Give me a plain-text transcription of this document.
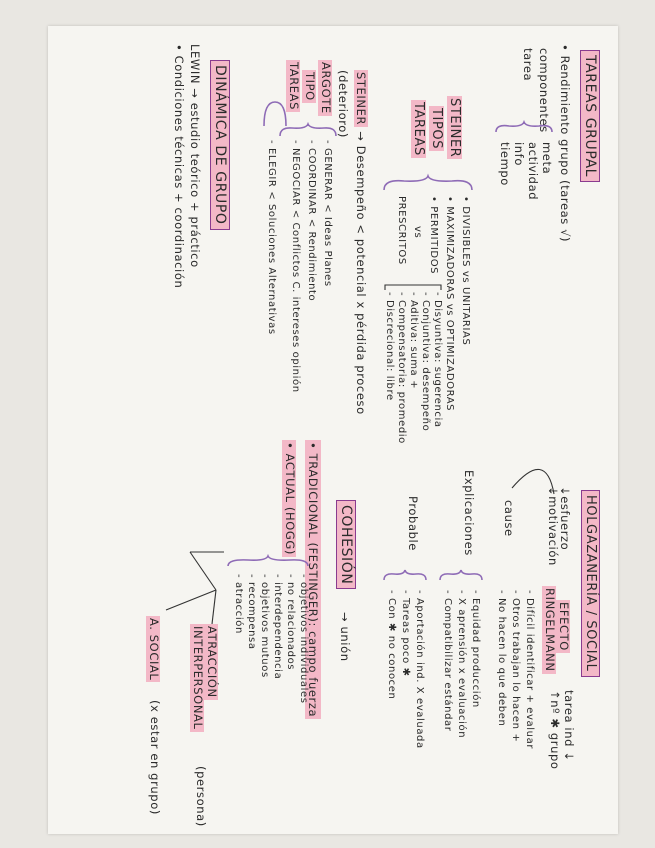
TAREAS GRUPAL
• Rendimiento grupo (tareas √)
componentes tarea
meta
actividad
info
tiempo
STEINER
TIPOS
TAREAS
• DIVISIBLES vs UNITARIAS
• MAXIMIZADORAS vs OPTIMIZADORAS
• PERMITIDOS
vs
PRESCRITOS
- Disyuntiva: sugerencia
- Conjuntiva: desempeño
- Aditiva: suma +
- Compensatoria: promedio
- Discrecional: libre
STEINER → Desempeño < potencial x pérdida proceso
(deterioro)
ARGOTE
TIPO
TAREAS
- GENERAR < Ideas Planes
- COORDINAR < Rendimiento
- NEGOCIAR < Conflictos C. intereses opinión
- ELEGIR < Soluciones Alternativas
DINÁMICA DE GRUPO
LEWIN → estudio teórico + práctico
• Condiciones técnicas + coordinación
HOLGAZANERÍA / SOCIAL
↓esfuerzo
↓motivación
EFECTO
RINGELMANN
tarea ind ↓
↑nº ✱ grupo
cause
- Difícil identificar + evaluar
- Otros trabajan lo hacen +
- No hacen lo que deben
Explicaciones
- Equidad producción
- X aprensión x evaluación
- Compatibilizar estándar
Probable
- Aportación ind. X evaluada
- Tareas poco ✱
- Con ✱ no conocen
COHESIÓN
→ unión
• TRADICIONAL (FESTINGER): campo fuerza
• ACTUAL (HOGG)
- objetivos individuales
- no relacionados
- interdependencia
- objetivos mutuos
- recompensa
- atracción
ATRACCIÓN
INTERPERSONAL
(persona)
A. SOCIAL
(x estar en grupo)
